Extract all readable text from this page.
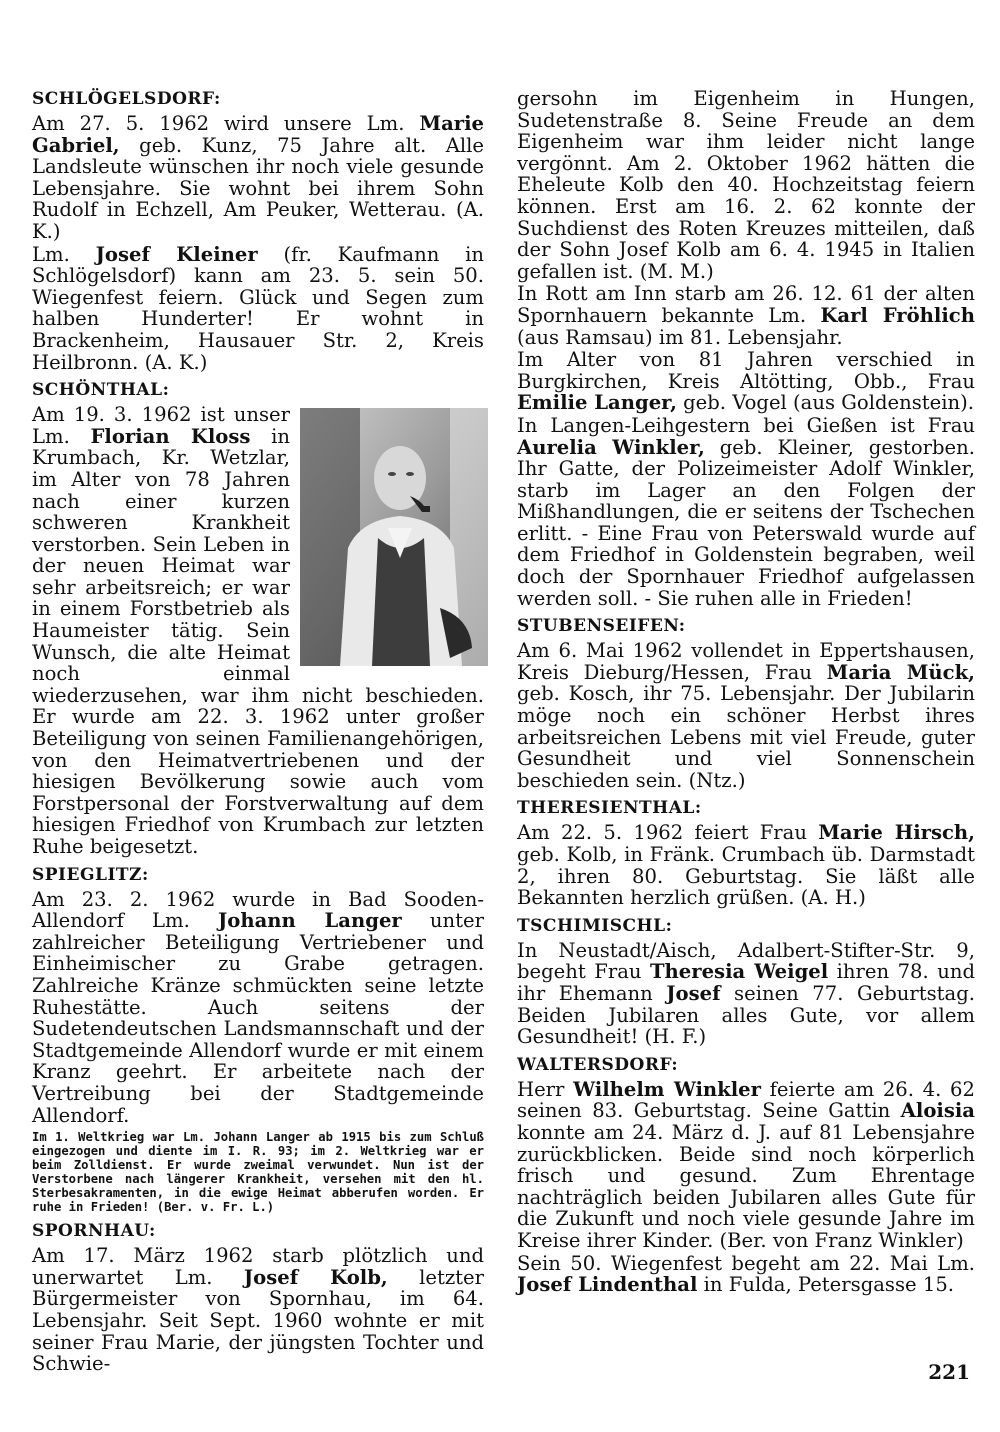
SCHLÖGELSDORF:

Am 27. 5. 1962 wird unsere Lm. Marie Gabriel, geb. Kunz, 75 Jahre alt. Alle Landsleute wünschen ihr noch viele gesunde Lebensjahre. Sie wohnt bei ihrem Sohn Rudolf in Echzell, Am Peuker, Wetterau. (A. K.)

Lm. Josef Kleiner (fr. Kaufmann in Schlögelsdorf) kann am 23. 5. sein 50. Wiegenfest feiern. Glück und Segen zum halben Hunderter! Er wohnt in Brackenheim, Hausauer Str. 2, Kreis Heilbronn. (A. K.)

SCHÖNTHAL:

Am 19. 3. 1962 ist unser Lm. Florian Kloss in Krumbach, Kr. Wetzlar, im Alter von 78 Jahren nach einer kurzen schweren Krankheit verstorben. Sein Leben in der neuen Heimat war sehr arbeitsreich; er war in einem Forstbetrieb als Haumeister tätig. Sein Wunsch, die alte Heimat noch einmal wiederzusehen, war ihm nicht beschieden. Er wurde am 22. 3. 1962 unter großer Beteiligung von seinen Familienangehörigen, von den Heimatvertriebenen und der hiesigen Bevölkerung sowie auch vom Forstpersonal der Forstverwaltung auf dem hiesigen Friedhof von Krumbach zur letzten Ruhe beigesetzt.

SPIEGLITZ:

Am 23. 2. 1962 wurde in Bad Sooden-Allendorf Lm. Johann Langer unter zahlreicher Beteiligung Vertriebener und Einheimischer zu Grabe getragen. Zahlreiche Kränze schmückten seine letzte Ruhestätte. Auch seitens der Sudetendeutschen Landsmannschaft und der Stadtgemeinde Allendorf wurde er mit einem Kranz geehrt. Er arbeitete nach der Vertreibung bei der Stadtgemeinde Allendorf.

Im 1. Weltkrieg war Lm. Johann Langer ab 1915 bis zum Schluß eingezogen und diente im I. R. 93; im 2. Weltkrieg war er beim Zolldienst. Er wurde zweimal verwundet. Nun ist der Verstorbene nach längerer Krankheit, versehen mit den hl. Sterbesakramenten, in die ewige Heimat abberufen worden. Er ruhe in Frieden! (Ber. v. Fr. L.)

SPORNHAU:

Am 17. März 1962 starb plötzlich und unerwartet Lm. Josef Kolb, letzter Bürgermeister von Spornhau, im 64. Lebensjahr. Seit Sept. 1960 wohnte er mit seiner Frau Marie, der jüngsten Tochter und Schwie-

gersohn im Eigenheim in Hungen, Sudetenstraße 8. Seine Freude an dem Eigenheim war ihm leider nicht lange vergönnt. Am 2. Oktober 1962 hätten die Eheleute Kolb den 40. Hochzeitstag feiern können. Erst am 16. 2. 62 konnte der Suchdienst des Roten Kreuzes mitteilen, daß der Sohn Josef Kolb am 6. 4. 1945 in Italien gefallen ist. (M. M.)

In Rott am Inn starb am 26. 12. 61 der alten Spornhauern bekannte Lm. Karl Fröhlich (aus Ramsau) im 81. Lebensjahr.

Im Alter von 81 Jahren verschied in Burgkirchen, Kreis Altötting, Obb., Frau Emilie Langer, geb. Vogel (aus Goldenstein).

In Langen-Leihgestern bei Gießen ist Frau Aurelia Winkler, geb. Kleiner, gestorben. Ihr Gatte, der Polizeimeister Adolf Winkler, starb im Lager an den Folgen der Mißhandlungen, die er seitens der Tschechen erlitt. - Eine Frau von Peterswald wurde auf dem Friedhof in Goldenstein begraben, weil doch der Spornhauer Friedhof aufgelassen werden soll. - Sie ruhen alle in Frieden!

STUBENSEIFEN:

Am 6. Mai 1962 vollendet in Eppertshausen, Kreis Dieburg/Hessen, Frau Maria Mück, geb. Kosch, ihr 75. Lebensjahr. Der Jubilarin möge noch ein schöner Herbst ihres arbeitsreichen Lebens mit viel Freude, guter Gesundheit und viel Sonnenschein beschieden sein. (Ntz.)

THERESIENTHAL:

Am 22. 5. 1962 feiert Frau Marie Hirsch, geb. Kolb, in Fränk. Crumbach üb. Darmstadt 2, ihren 80. Geburtstag. Sie läßt alle Bekannten herzlich grüßen. (A. H.)

TSCHIMISCHL:

In Neustadt/Aisch, Adalbert-Stifter-Str. 9, begeht Frau Theresia Weigel ihren 78. und ihr Ehemann Josef seinen 77. Geburtstag. Beiden Jubilaren alles Gute, vor allem Gesundheit! (H. F.)

WALTERSDORF:

Herr Wilhelm Winkler feierte am 26. 4. 62 seinen 83. Geburtstag. Seine Gattin Aloisia konnte am 24. März d. J. auf 81 Lebensjahre zurückblicken. Beide sind noch körperlich frisch und gesund. Zum Ehrentage nachträglich beiden Jubilaren alles Gute für die Zukunft und noch viele gesunde Jahre im Kreise ihrer Kinder. (Ber. von Franz Winkler)

Sein 50. Wiegenfest begeht am 22. Mai Lm. Josef Lindenthal in Fulda, Petersgasse 15.

221
